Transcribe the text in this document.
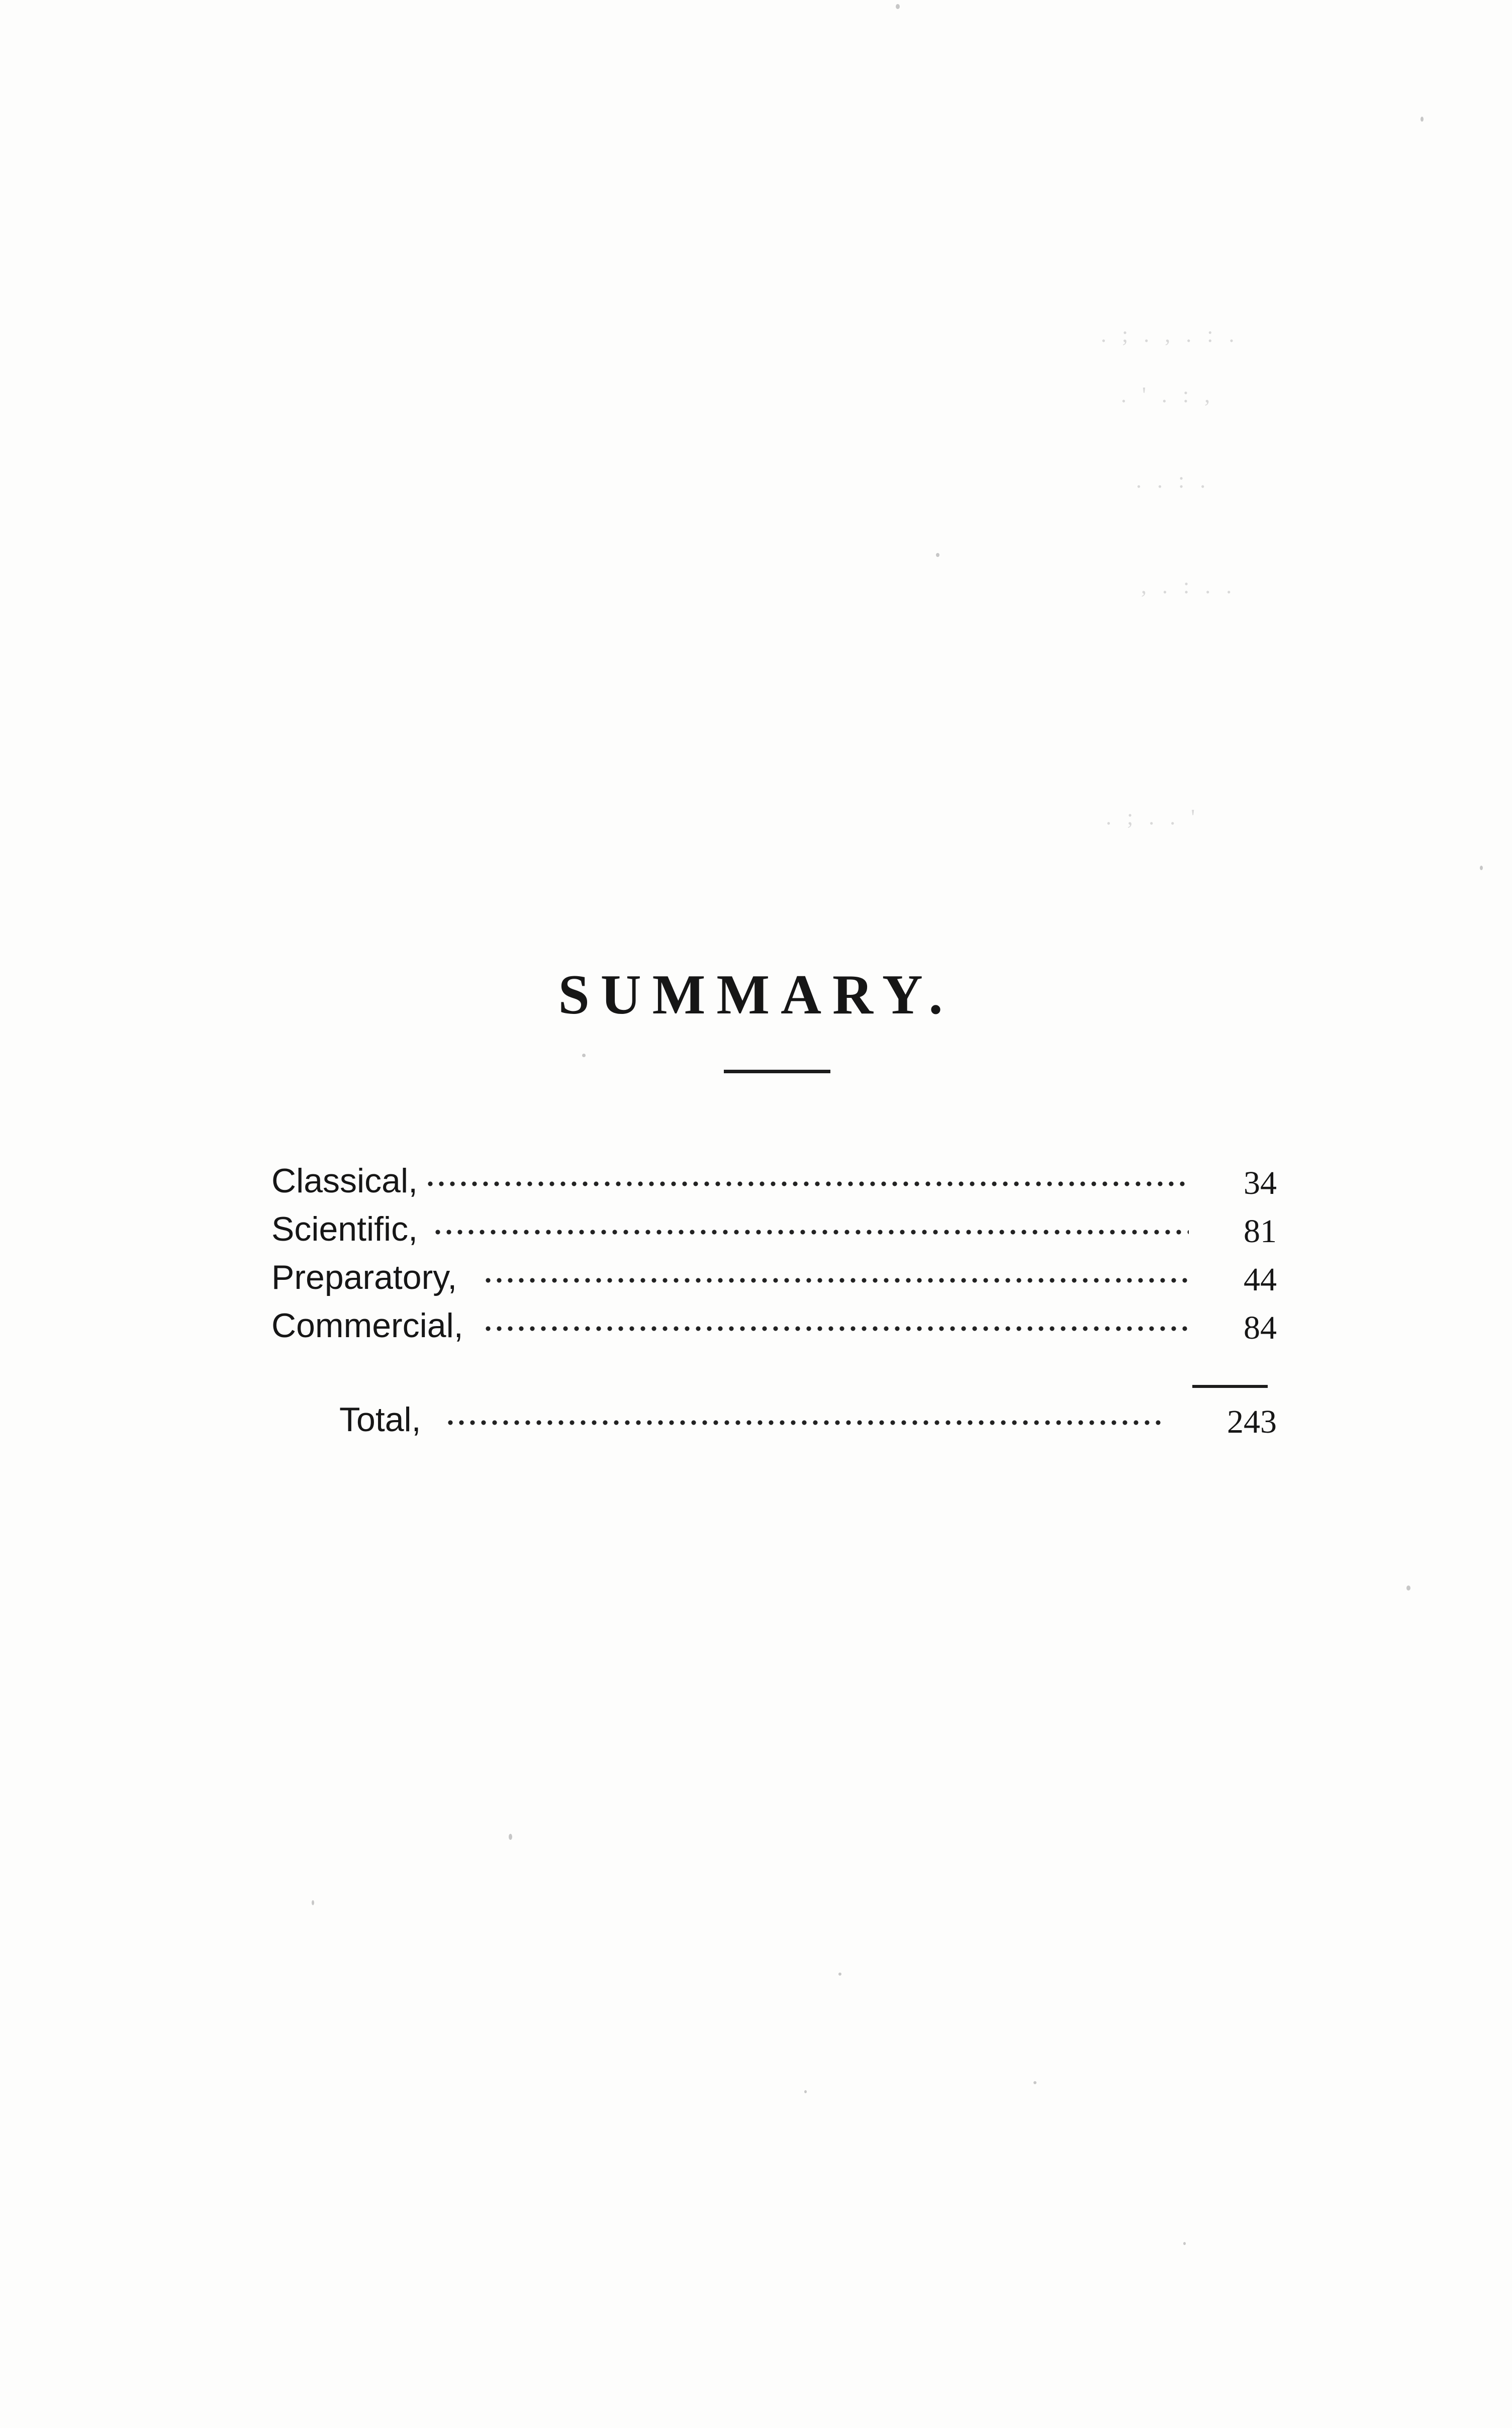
. ; . , . : .
. ' . : ,
. . : .
, . : . .
. ; . . '
SUMMARY.
Classical,	34
Scientific,	81
Preparatory,	44
Commercial,	84
Total,	243
